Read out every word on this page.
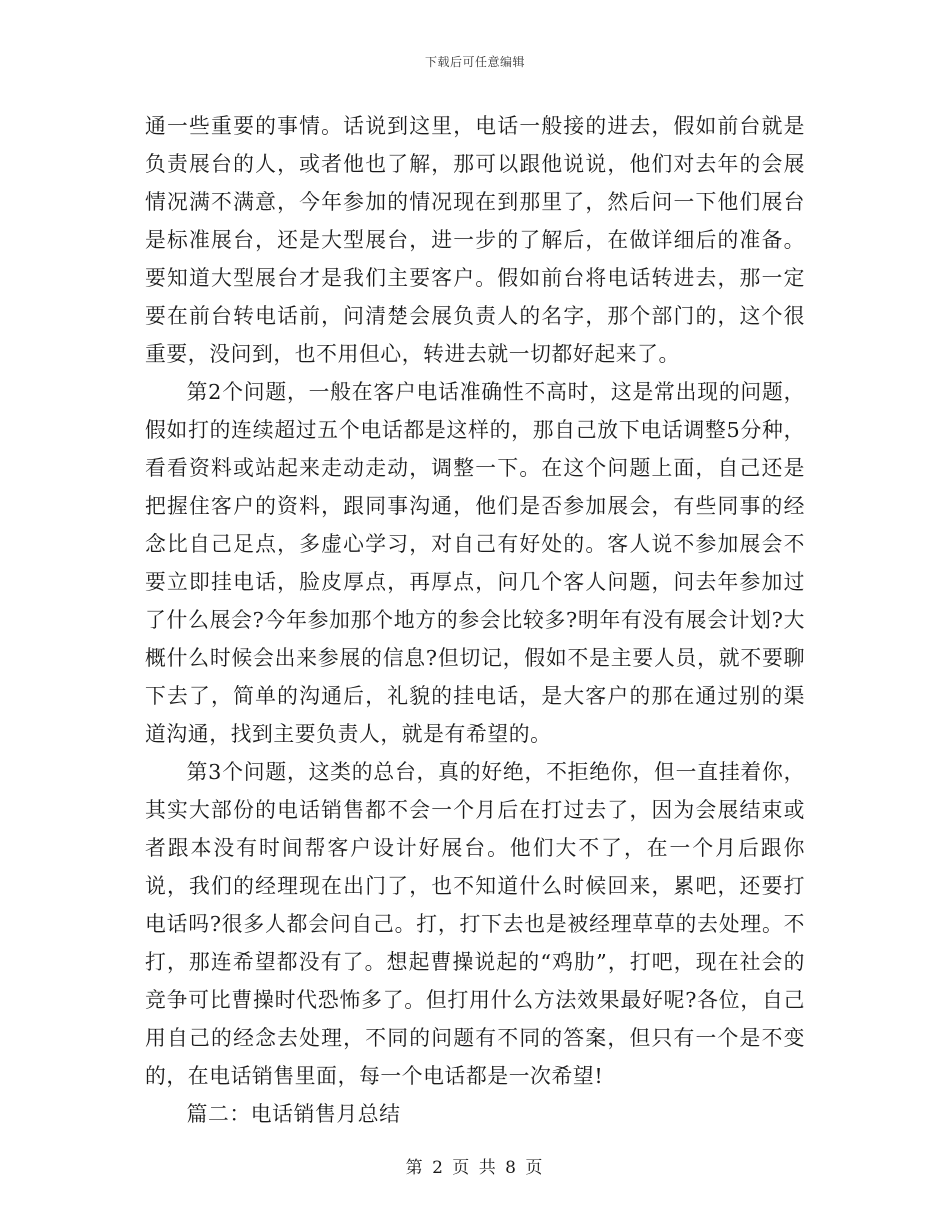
下载后可任意编辑

通一些重要的事情。话说到这里，电话一般接的进去，假如前台就是负责展台的人，或者他也了解，那可以跟他说说，他们对去年的会展情况满不满意，今年参加的情况现在到那里了，然后问一下他们展台是标准展台，还是大型展台，进一步的了解后，在做详细后的准备。要知道大型展台才是我们主要客户。假如前台将电话转进去，那一定要在前台转电话前，问清楚会展负责人的名字，那个部门的，这个很重要，没问到，也不用但心，转进去就一切都好起来了。

第2个问题，一般在客户电话准确性不高时，这是常出现的问题，假如打的连续超过五个电话都是这样的，那自己放下电话调整5分种，看看资料或站起来走动走动，调整一下。在这个问题上面，自己还是把握住客户的资料，跟同事沟通，他们是否参加展会，有些同事的经念比自己足点，多虚心学习，对自己有好处的。客人说不参加展会不要立即挂电话，脸皮厚点，再厚点，问几个客人问题，问去年参加过了什么展会?今年参加那个地方的参会比较多?明年有没有展会计划?大概什么时候会出来参展的信息?但切记，假如不是主要人员，就不要聊下去了，简单的沟通后，礼貌的挂电话，是大客户的那在通过别的渠道沟通，找到主要负责人，就是有希望的。

第3个问题，这类的总台，真的好绝，不拒绝你，但一直挂着你，其实大部份的电话销售都不会一个月后在打过去了，因为会展结束或者跟本没有时间帮客户设计好展台。他们大不了，在一个月后跟你说，我们的经理现在出门了，也不知道什么时候回来，累吧，还要打电话吗?很多人都会问自己。打，打下去也是被经理草草的去处理。不打，那连希望都没有了。想起曹操说起的“鸡肋”，打吧，现在社会的竞争可比曹操时代恐怖多了。但打用什么方法效果最好呢?各位，自己用自己的经念去处理，不同的问题有不同的答案，但只有一个是不变的，在电话销售里面，每一个电话都是一次希望!

篇二：电话销售月总结

第 2 页 共 8 页
